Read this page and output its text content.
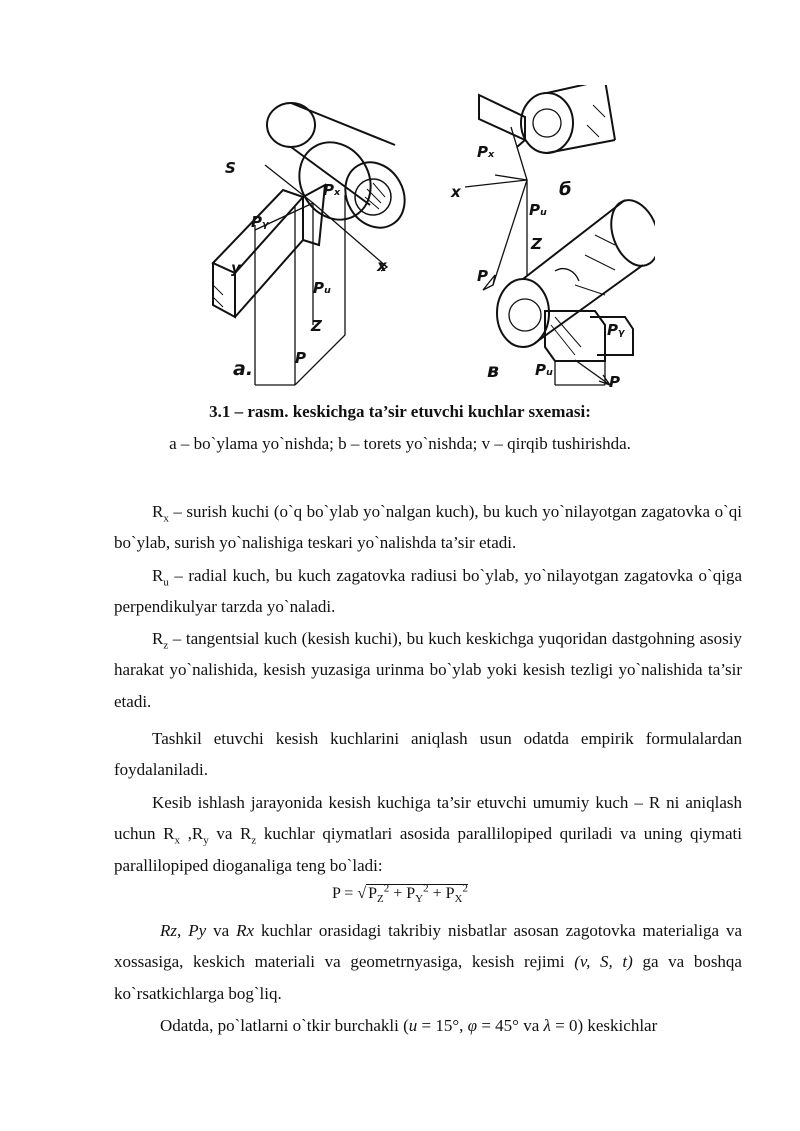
S
Pₓ
Pᵧ
y
Pᵤ
Z
P
x
a.
Pₓ
x
Pᵤ
Z
P
б
Pᵧ
Pᵤ
P
в
3.1 – rasm. keskichga ta’sir etuvchi kuchlar sxemasi:
a – bo`ylama yo`nishda; b – torets yo`nishda; v – qirqib tushirishda.
$R_x$ – surish kuchi (o`q bo`ylab yo`nalgan kuch), bu kuch yo`nilayotgan zagatovka o`qi bo`ylab, surish yo`nalishiga teskari yo`nalishda ta’sir etadi.
$R_u$ – radial kuch, bu kuch zagatovka radiusi bo`ylab, yo`nilayotgan zagatovka o`qiga perpendikulyar tarzda yo`naladi.
$R_z$ – tangentsial kuch (kesish kuchi), bu kuch keskichga yuqoridan dastgohning asosiy harakat yo`nalishida, kesish yuzasiga urinma bo`ylab yoki kesish tezligi yo`nalishida ta’sir etadi.
Tashkil etuvchi kesish kuchlarini aniqlash usun odatda empirik formulalardan foydalaniladi.
Kesib ishlash jarayonida kesish kuchiga ta’sir etuvchi umumiy kuch – R ni aniqlash uchun $R_x$ $,R_y$ va $R_z$ kuchlar qiymatlari asosida parallilopiped quriladi va uning qiymati parallilopiped dioganaliga teng bo`ladi:
P = √ $P_Z^2 + P_Y^2 + P_X^2$
Rz, Py va Rx kuchlar orasidagi takribiy nisbatlar asosan zagotovka materialiga va xossasiga, keskich materiali va geometrnyasiga, kesish rejimi (v, S, t) ga va boshqa ko`rsatkichlarga bog`liq.
Odatda, po`latlarni o`tkir burchakli (u = 15°, φ = 45° va λ = 0) keskichlar
